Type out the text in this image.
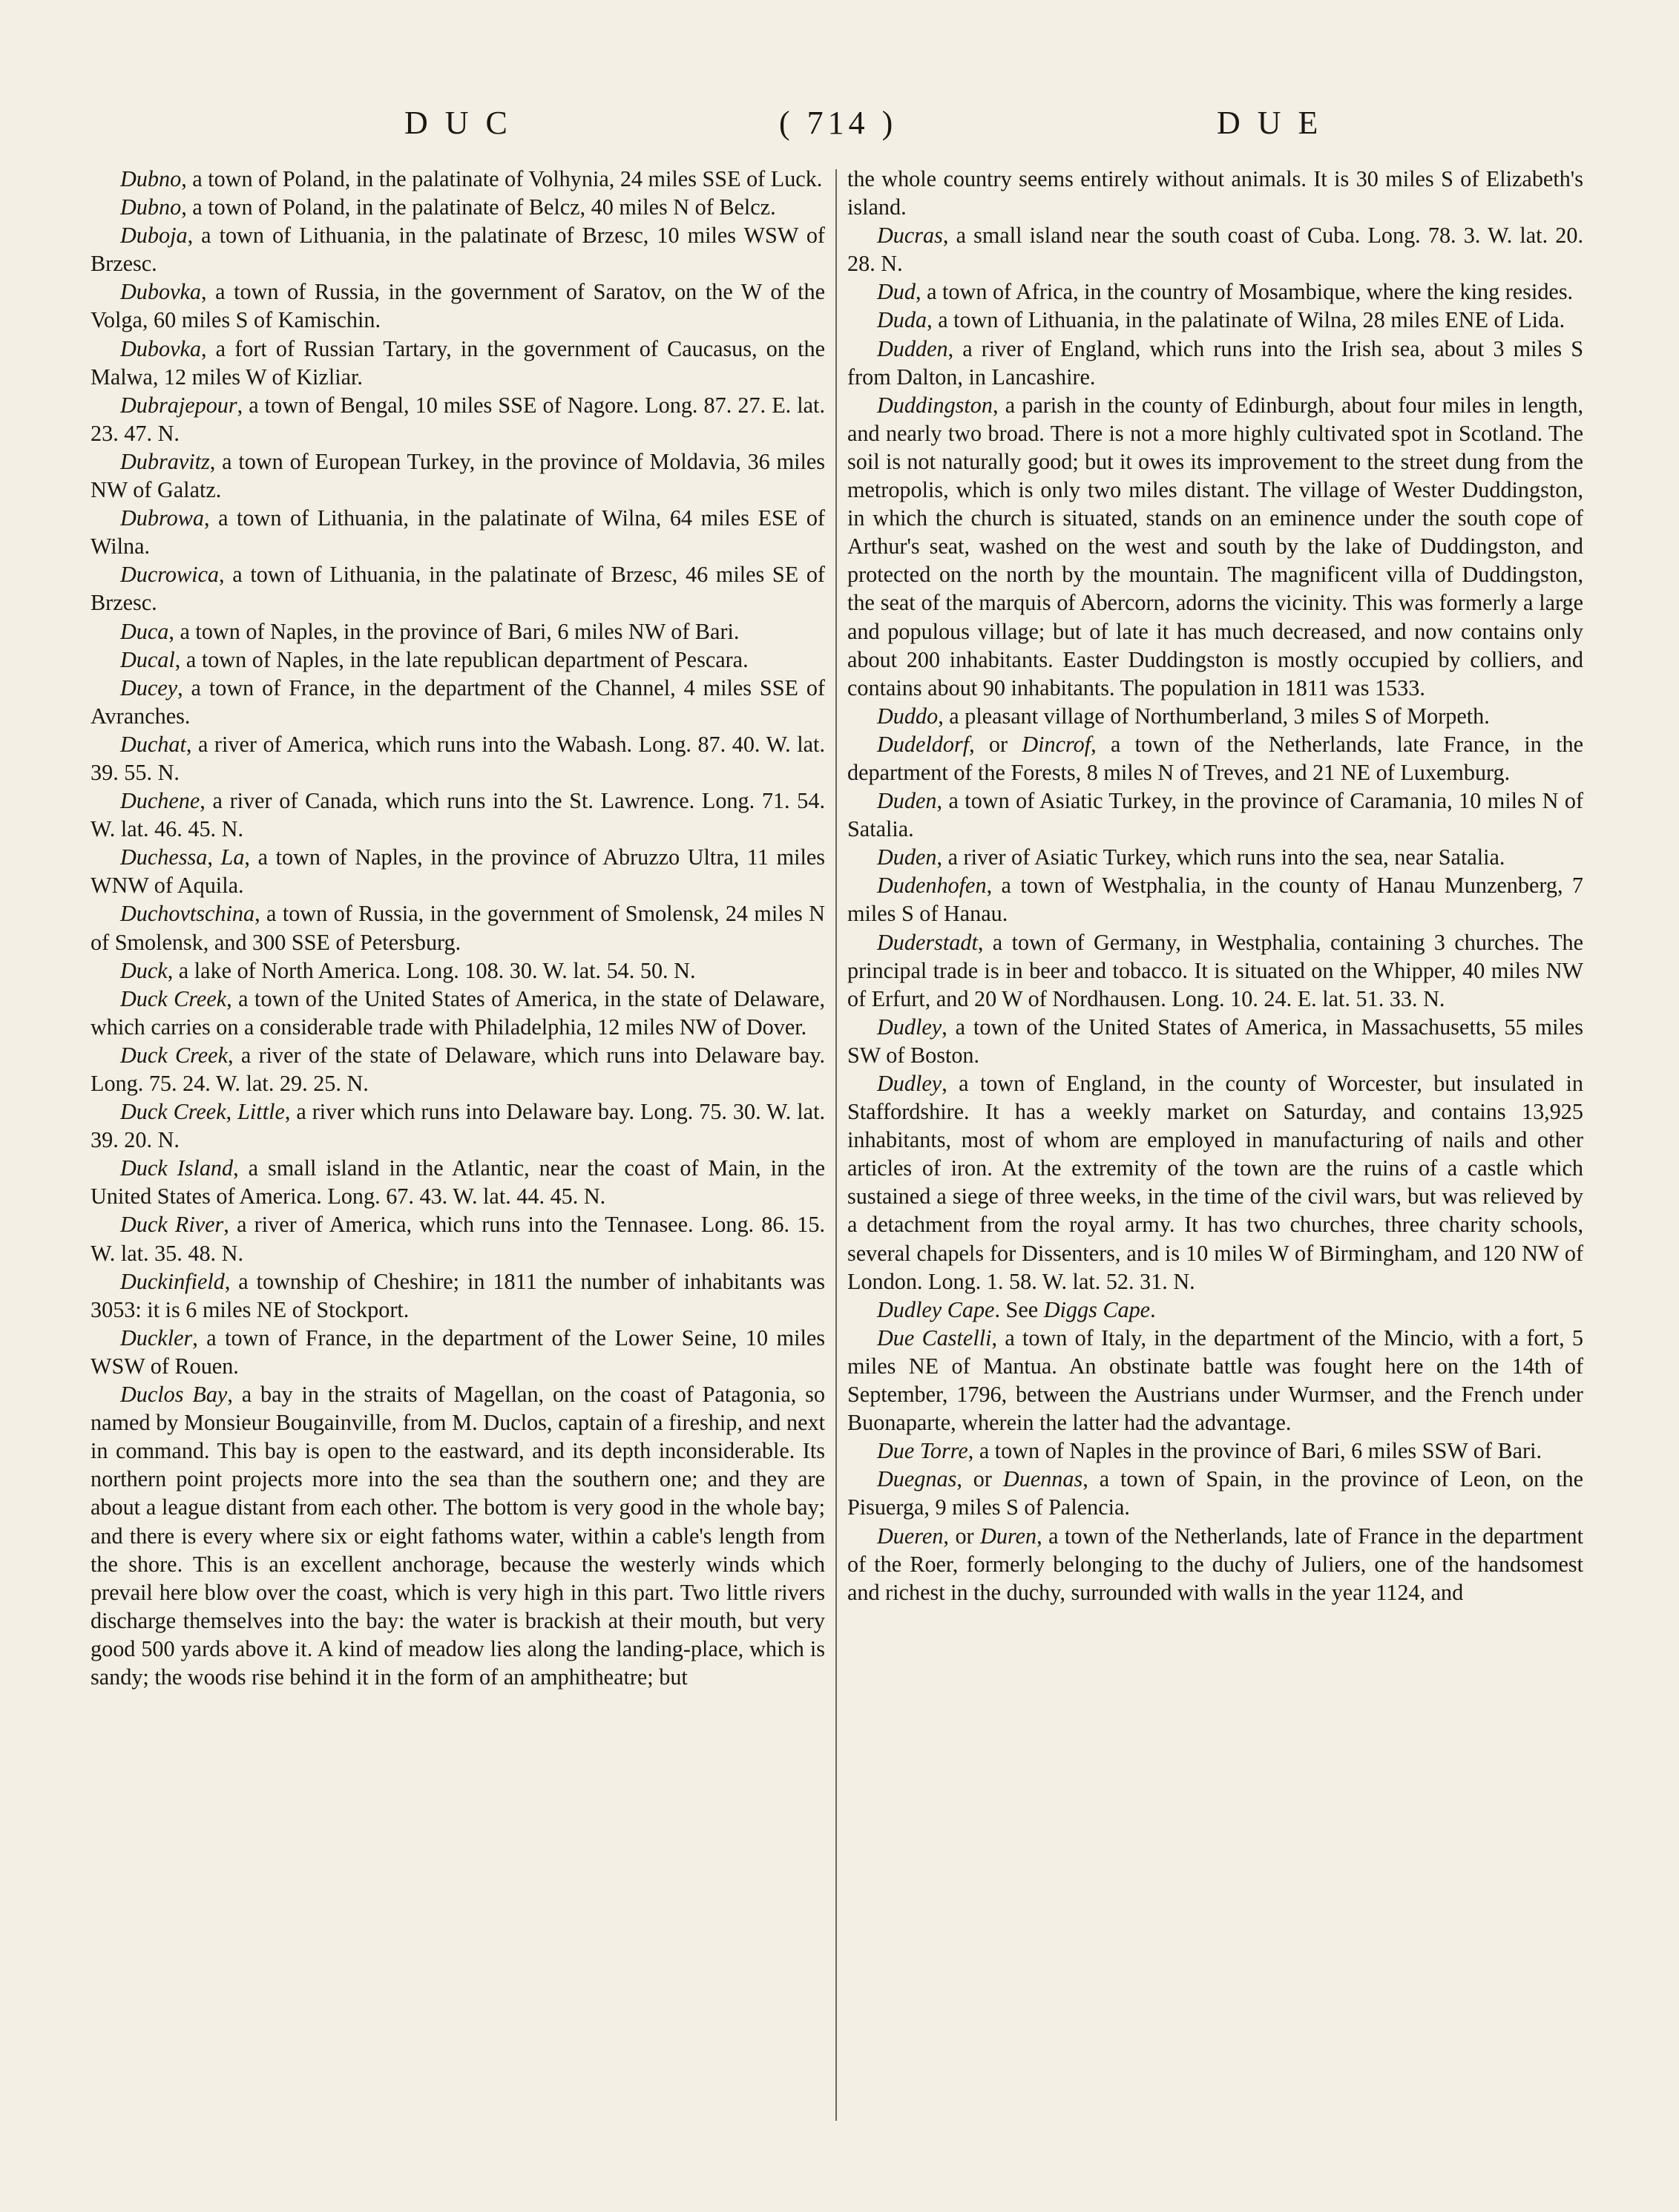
D U C	( 714 )	D U E

Dubno, a town of Poland, in the palatinate of Volhynia, 24 miles SSE of Luck.

Dubno, a town of Poland, in the palatinate of Belcz, 40 miles N of Belcz.

Duboja, a town of Lithuania, in the palatinate of Brzesc, 10 miles WSW of Brzesc.

Dubovka, a town of Russia, in the government of Saratov, on the W of the Volga, 60 miles S of Kamischin.

Dubovka, a fort of Russian Tartary, in the government of Caucasus, on the Malwa, 12 miles W of Kizliar.

Dubrajepour, a town of Bengal, 10 miles SSE of Nagore. Long. 87. 27. E. lat. 23. 47. N.

Dubravitz, a town of European Turkey, in the province of Moldavia, 36 miles NW of Galatz.

Dubrowa, a town of Lithuania, in the palatinate of Wilna, 64 miles ESE of Wilna.

Ducrowica, a town of Lithuania, in the palatinate of Brzesc, 46 miles SE of Brzesc.

Duca, a town of Naples, in the province of Bari, 6 miles NW of Bari.

Ducal, a town of Naples, in the late republican department of Pescara.

Ducey, a town of France, in the department of the Channel, 4 miles SSE of Avranches.

Duchat, a river of America, which runs into the Wabash. Long. 87. 40. W. lat. 39. 55. N.

Duchene, a river of Canada, which runs into the St. Lawrence. Long. 71. 54. W. lat. 46. 45. N.

Duchessa, La, a town of Naples, in the province of Abruzzo Ultra, 11 miles WNW of Aquila.

Duchovtschina, a town of Russia, in the government of Smolensk, 24 miles N of Smolensk, and 300 SSE of Petersburg.

Duck, a lake of North America. Long. 108. 30. W. lat. 54. 50. N.

Duck Creek, a town of the United States of America, in the state of Delaware, which carries on a considerable trade with Philadelphia, 12 miles NW of Dover.

Duck Creek, a river of the state of Delaware, which runs into Delaware bay. Long. 75. 24. W. lat. 29. 25. N.

Duck Creek, Little, a river which runs into Delaware bay. Long. 75. 30. W. lat. 39. 20. N.

Duck Island, a small island in the Atlantic, near the coast of Main, in the United States of America. Long. 67. 43. W. lat. 44. 45. N.

Duck River, a river of America, which runs into the Tennasee. Long. 86. 15. W. lat. 35. 48. N.

Duckinfield, a township of Cheshire; in 1811 the number of inhabitants was 3053: it is 6 miles NE of Stockport.

Duckler, a town of France, in the department of the Lower Seine, 10 miles WSW of Rouen.

Duclos Bay, a bay in the straits of Magellan, on the coast of Patagonia, so named by Monsieur Bougainville, from M. Duclos, captain of a fireship, and next in command. This bay is open to the eastward, and its depth inconsiderable. Its northern point projects more into the sea than the southern one; and they are about a league distant from each other. The bottom is very good in the whole bay; and there is every where six or eight fathoms water, within a cable's length from the shore. This is an excellent anchorage, because the westerly winds which prevail here blow over the coast, which is very high in this part. Two little rivers discharge themselves into the bay: the water is brackish at their mouth, but very good 500 yards above it. A kind of meadow lies along the landing-place, which is sandy; the woods rise behind it in the form of an amphitheatre; but

the whole country seems entirely without animals. It is 30 miles S of Elizabeth's island.

Ducras, a small island near the south coast of Cuba. Long. 78. 3. W. lat. 20. 28. N.

Dud, a town of Africa, in the country of Mosambique, where the king resides.

Duda, a town of Lithuania, in the palatinate of Wilna, 28 miles ENE of Lida.

Dudden, a river of England, which runs into the Irish sea, about 3 miles S from Dalton, in Lancashire.

Duddingston, a parish in the county of Edinburgh, about four miles in length, and nearly two broad. There is not a more highly cultivated spot in Scotland. The soil is not naturally good; but it owes its improvement to the street dung from the metropolis, which is only two miles distant. The village of Wester Duddingston, in which the church is situated, stands on an eminence under the south cope of Arthur's seat, washed on the west and south by the lake of Duddingston, and protected on the north by the mountain. The magnificent villa of Duddingston, the seat of the marquis of Abercorn, adorns the vicinity. This was formerly a large and populous village; but of late it has much decreased, and now contains only about 200 inhabitants. Easter Duddingston is mostly occupied by colliers, and contains about 90 inhabitants. The population in 1811 was 1533.

Duddo, a pleasant village of Northumberland, 3 miles S of Morpeth.

Dudeldorf, or Dincrof, a town of the Netherlands, late France, in the department of the Forests, 8 miles N of Treves, and 21 NE of Luxemburg.

Duden, a town of Asiatic Turkey, in the province of Caramania, 10 miles N of Satalia.

Duden, a river of Asiatic Turkey, which runs into the sea, near Satalia.

Dudenhofen, a town of Westphalia, in the county of Hanau Munzenberg, 7 miles S of Hanau.

Duderstadt, a town of Germany, in Westphalia, containing 3 churches. The principal trade is in beer and tobacco. It is situated on the Whipper, 40 miles NW of Erfurt, and 20 W of Nordhausen. Long. 10. 24. E. lat. 51. 33. N.

Dudley, a town of the United States of America, in Massachusetts, 55 miles SW of Boston.

Dudley, a town of England, in the county of Worcester, but insulated in Staffordshire. It has a weekly market on Saturday, and contains 13,925 inhabitants, most of whom are employed in manufacturing of nails and other articles of iron. At the extremity of the town are the ruins of a castle which sustained a siege of three weeks, in the time of the civil wars, but was relieved by a detachment from the royal army. It has two churches, three charity schools, several chapels for Dissenters, and is 10 miles W of Birmingham, and 120 NW of London. Long. 1. 58. W. lat. 52. 31. N.

Dudley Cape. See Diggs Cape.

Due Castelli, a town of Italy, in the department of the Mincio, with a fort, 5 miles NE of Mantua. An obstinate battle was fought here on the 14th of September, 1796, between the Austrians under Wurmser, and the French under Buonaparte, wherein the latter had the advantage.

Due Torre, a town of Naples in the province of Bari, 6 miles SSW of Bari.

Duegnas, or Duennas, a town of Spain, in the province of Leon, on the Pisuerga, 9 miles S of Palencia.

Dueren, or Duren, a town of the Netherlands, late of France in the department of the Roer, formerly belonging to the duchy of Juliers, one of the handsomest and richest in the duchy, surrounded with walls in the year 1124, and
